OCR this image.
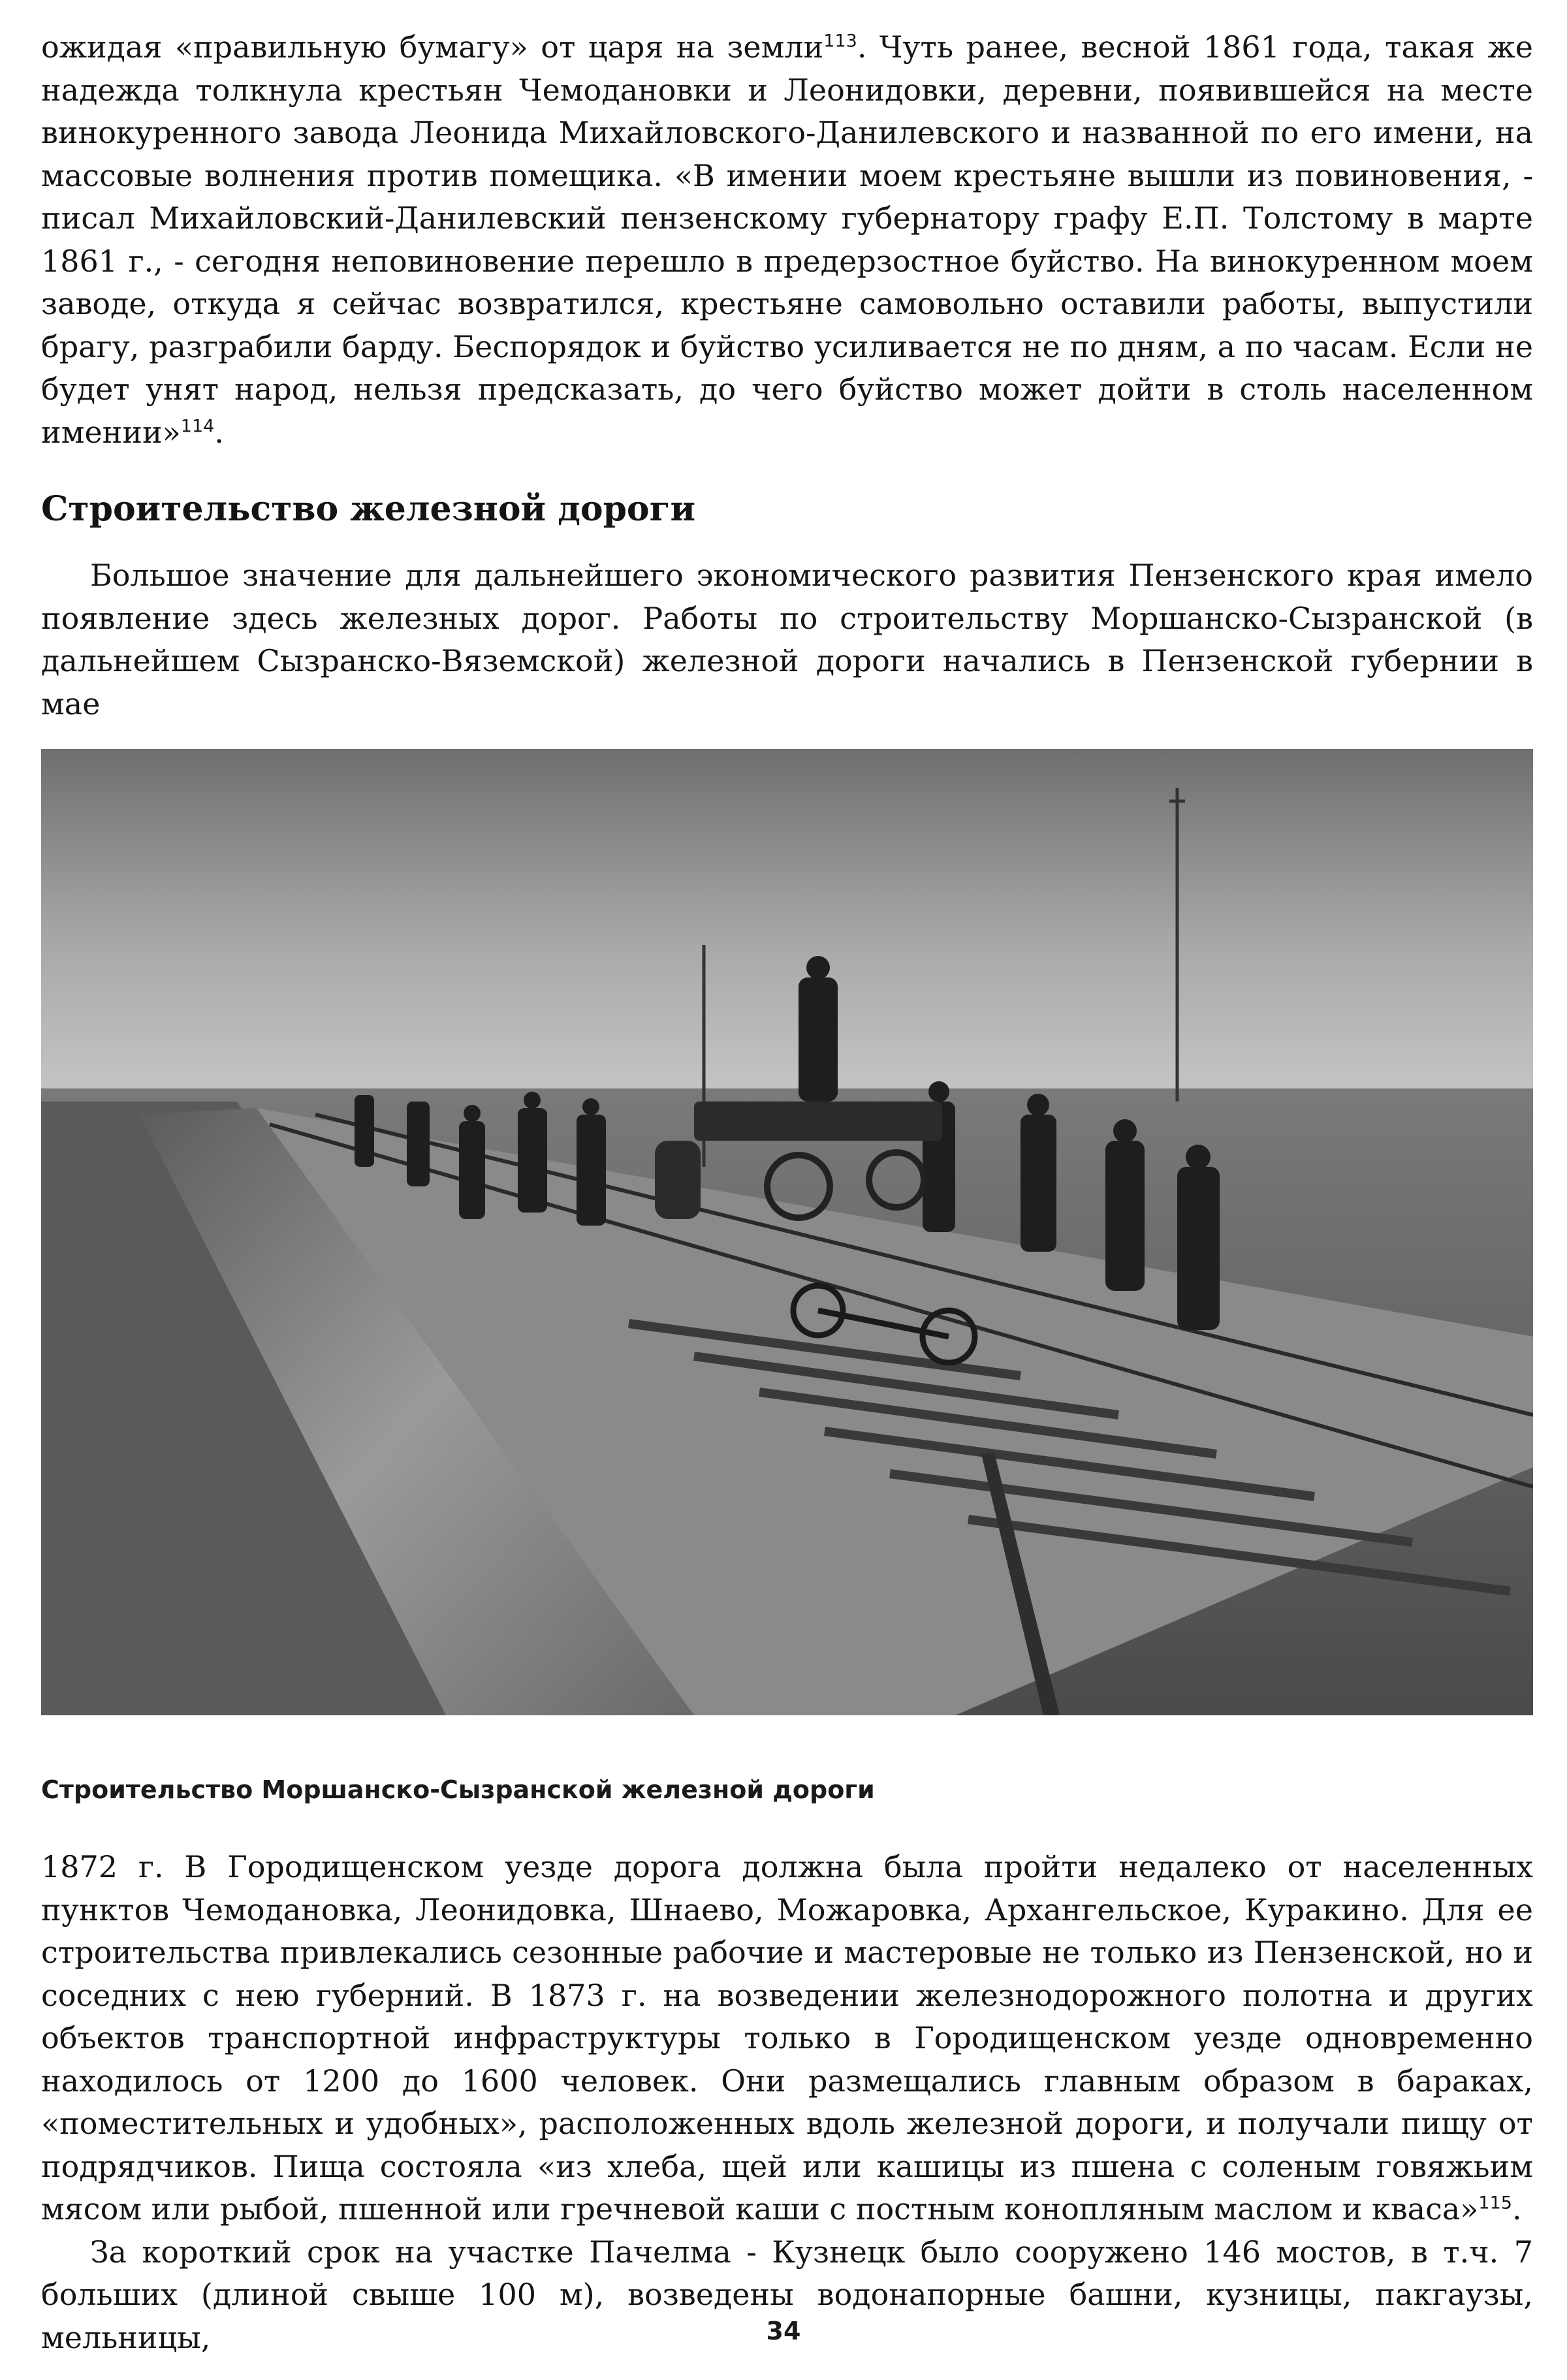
ожидая «правильную бумагу» от царя на земли$^{113}$. Чуть ранее, весной 1861 года, такая же надежда толкнула крестьян Чемодановки и Леонидовки, деревни, появившейся на месте винокуренного завода Леонида Михайловского-Данилевского и названной по его имени, на массовые волнения против помещика. «В имении моем крестьяне вышли из повиновения, - писал Михайловский-Данилевский пензенскому губернатору графу Е.П. Толстому в марте 1861 г., - сегодня неповиновение перешло в предерзостное буйство. На винокуренном моем заводе, откуда я сейчас возвратился, крестьяне самовольно оставили работы, выпустили брагу, разграбили барду. Беспорядок и буйство усиливается не по дням, а по часам. Если не будет унят народ, нельзя предсказать, до чего буйство может дойти в столь населенном имении»$^{114}$.

Строительство железной дороги

Большое значение для дальнейшего экономического развития Пензенского края имело появление здесь железных дорог. Работы по строительству Моршанско-Сызранской (в дальнейшем Сызранско-Вяземской) железной дороги начались в Пензенской губернии в мае

Строительство Моршанско-Сызранской железной дороги

1872 г. В Городищенском уезде дорога должна была пройти недалеко от населенных пунктов Чемодановка, Леонидовка, Шнаево, Можаровка, Архангельское, Куракино. Для ее строительства привлекались сезонные рабочие и мастеровые не только из Пензенской, но и соседних с нею губерний. В 1873 г. на возведении железнодорожного полотна и других объектов транспортной инфраструктуры только в Городищенском уезде одновременно находилось от 1200 до 1600 человек. Они размещались главным образом в бараках, «поместительных и удобных», расположенных вдоль железной дороги, и получали пищу от подрядчиков. Пища состояла «из хлеба, щей или кашицы из пшена с соленым говяжьим мясом или рыбой, пшенной или гречневой каши с постным конопляным маслом и кваса»$^{115}$.

За короткий срок на участке Пачелма - Кузнецк было сооружено 146 мостов, в т.ч. 7 больших (длиной свыше 100 м), возведены водонапорные башни, кузницы, пакгаузы, мельницы,	34
